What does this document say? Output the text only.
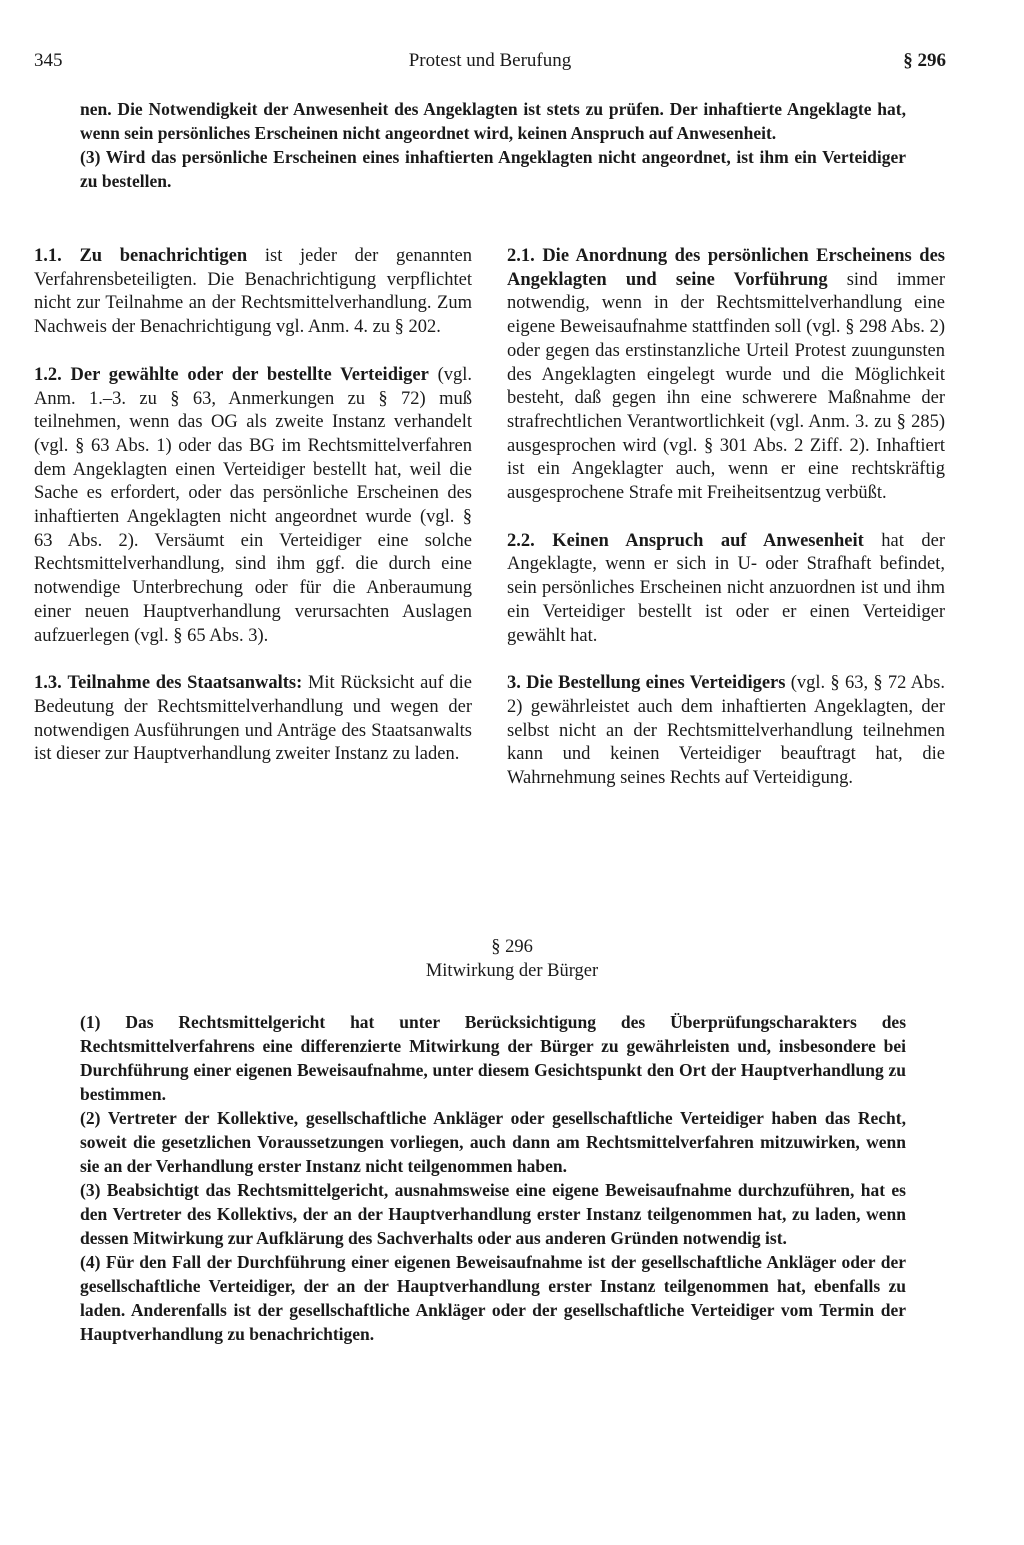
345	Protest und Berufung	§ 296

nen. Die Notwendigkeit der Anwesenheit des Angeklagten ist stets zu prüfen. Der inhaftierte Angeklagte hat, wenn sein persönliches Erscheinen nicht angeordnet wird, keinen Anspruch auf Anwesenheit.

(3) Wird das persönliche Erscheinen eines inhaftierten Angeklagten nicht angeordnet, ist ihm ein Verteidiger zu bestellen.

1.1. Zu benachrichtigen ist jeder der genannten Verfahrensbeteiligten. Die Benachrichtigung verpflichtet nicht zur Teilnahme an der Rechtsmittelverhandlung. Zum Nachweis der Benachrichtigung vgl. Anm. 4. zu § 202.

1.2. Der gewählte oder der bestellte Verteidiger (vgl. Anm. 1.–3. zu § 63, Anmerkungen zu § 72) muß teilnehmen, wenn das OG als zweite Instanz verhandelt (vgl. § 63 Abs. 1) oder das BG im Rechtsmittelverfahren dem Angeklagten einen Verteidiger bestellt hat, weil die Sache es erfordert, oder das persönliche Erscheinen des inhaftierten Angeklagten nicht angeordnet wurde (vgl. § 63 Abs. 2). Versäumt ein Verteidiger eine solche Rechtsmittelverhandlung, sind ihm ggf. die durch eine notwendige Unterbrechung oder für die Anberaumung einer neuen Hauptverhandlung verursachten Auslagen aufzuerlegen (vgl. § 65 Abs. 3).

1.3. Teilnahme des Staatsanwalts: Mit Rücksicht auf die Bedeutung der Rechtsmittelverhandlung und wegen der notwendigen Ausführungen und Anträge des Staatsanwalts ist dieser zur Hauptverhandlung zweiter Instanz zu laden.

2.1. Die Anordnung des persönlichen Erscheinens des Angeklagten und seine Vorführung sind immer notwendig, wenn in der Rechtsmittelverhandlung eine eigene Beweisaufnahme stattfinden soll (vgl. § 298 Abs. 2) oder gegen das erstinstanzliche Urteil Protest zuungunsten des Angeklagten eingelegt wurde und die Möglichkeit besteht, daß gegen ihn eine schwerere Maßnahme der strafrechtlichen Verantwortlichkeit (vgl. Anm. 3. zu § 285) ausgesprochen wird (vgl. § 301 Abs. 2 Ziff. 2). Inhaftiert ist ein Angeklagter auch, wenn er eine rechtskräftig ausgesprochene Strafe mit Freiheitsentzug verbüßt.

2.2. Keinen Anspruch auf Anwesenheit hat der Angeklagte, wenn er sich in U- oder Strafhaft befindet, sein persönliches Erscheinen nicht anzuordnen ist und ihm ein Verteidiger bestellt ist oder er einen Verteidiger gewählt hat.

3. Die Bestellung eines Verteidigers (vgl. § 63, § 72 Abs. 2) gewährleistet auch dem inhaftierten Angeklagten, der selbst nicht an der Rechtsmittelverhandlung teilnehmen kann und keinen Verteidiger beauftragt hat, die Wahrnehmung seines Rechts auf Verteidigung.

§ 296
Mitwirkung der Bürger

(1) Das Rechtsmittelgericht hat unter Berücksichtigung des Überprüfungscharakters des Rechtsmittelverfahrens eine differenzierte Mitwirkung der Bürger zu gewährleisten und, insbesondere bei Durchführung einer eigenen Beweisaufnahme, unter diesem Gesichtspunkt den Ort der Hauptverhandlung zu bestimmen.

(2) Vertreter der Kollektive, gesellschaftliche Ankläger oder gesellschaftliche Verteidiger haben das Recht, soweit die gesetzlichen Voraussetzungen vorliegen, auch dann am Rechtsmittelverfahren mitzuwirken, wenn sie an der Verhandlung erster Instanz nicht teilgenommen haben.

(3) Beabsichtigt das Rechtsmittelgericht, ausnahmsweise eine eigene Beweisaufnahme durchzuführen, hat es den Vertreter des Kollektivs, der an der Hauptverhandlung erster Instanz teilgenommen hat, zu laden, wenn dessen Mitwirkung zur Aufklärung des Sachverhalts oder aus anderen Gründen notwendig ist.

(4) Für den Fall der Durchführung einer eigenen Beweisaufnahme ist der gesellschaftliche Ankläger oder der gesellschaftliche Verteidiger, der an der Hauptverhandlung erster Instanz teilgenommen hat, ebenfalls zu laden. Anderenfalls ist der gesellschaftliche Ankläger oder der gesellschaftliche Verteidiger vom Termin der Hauptverhandlung zu benachrichtigen.
